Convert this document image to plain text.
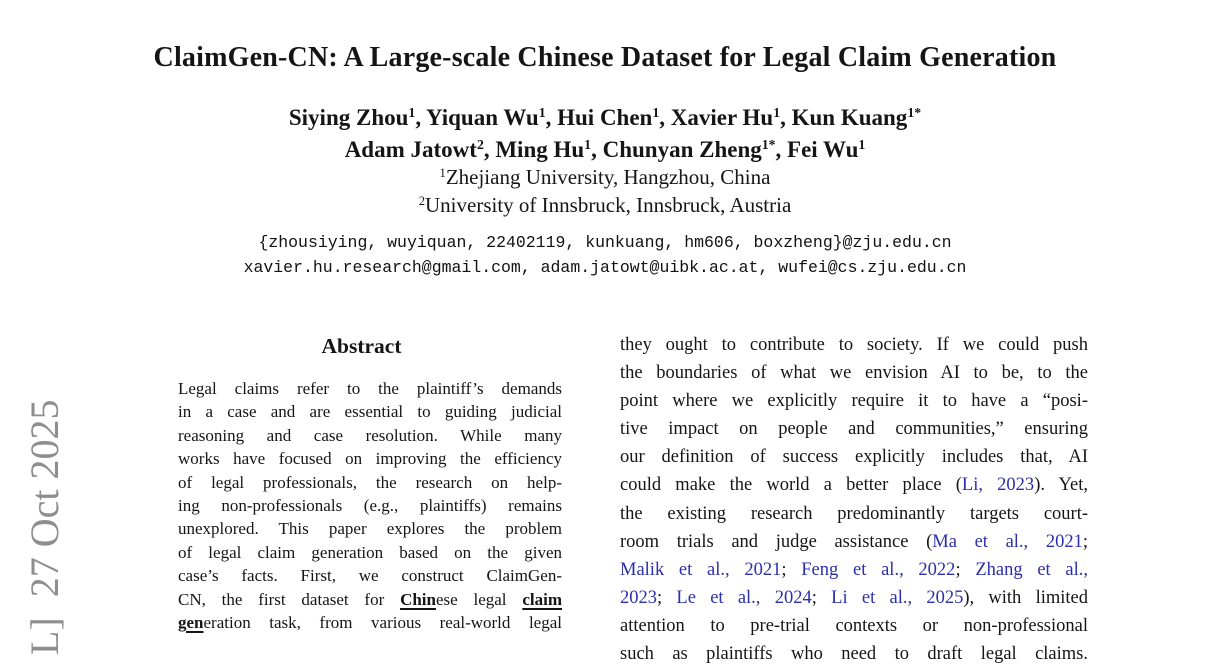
L]  27 Oct 2025
ClaimGen-CN: A Large-scale Chinese Dataset for Legal Claim Generation
Siying Zhou$^1$, Yiquan Wu$^1$, Hui Chen$^1$, Xavier Hu$^1$, Kun Kuang$^{1*}$
Adam Jatowt$^2$, Ming Hu$^1$, Chunyan Zheng$^{1*}$, Fei Wu$^1$
$^1$Zhejiang University, Hangzhou, China
$^2$University of Innsbruck, Innsbruck, Austria
{zhousiying, wuyiquan, 22402119, kunkuang, hm606, boxzheng}@zju.edu.cn
xavier.hu.research@gmail.com, adam.jatowt@uibk.ac.at, wufei@cs.zju.edu.cn
Abstract
Legal claims refer to the plaintiff’s demands
in a case and are essential to guiding judicial
reasoning and case resolution. While many
works have focused on improving the efficiency
of legal professionals, the research on help-
ing non-professionals (e.g., plaintiffs) remains
unexplored. This paper explores the problem
of legal claim generation based on the given
case’s facts. First, we construct ClaimGen-
CN, the first dataset for Chinese legal claim
generation task, from various real-world legal
they ought to contribute to society. If we could push
the boundaries of what we envision AI to be, to the
point where we explicitly require it to have a “posi-
tive impact on people and communities,” ensuring
our definition of success explicitly includes that, AI
could make the world a better place (Li, 2023). Yet,
the existing research predominantly targets court-
room trials and judge assistance (Ma et al., 2021;
Malik et al., 2021; Feng et al., 2022; Zhang et al.,
2023; Le et al., 2024; Li et al., 2025), with limited
attention to pre-trial contexts or non-professional
such as plaintiffs who need to draft legal claims.
